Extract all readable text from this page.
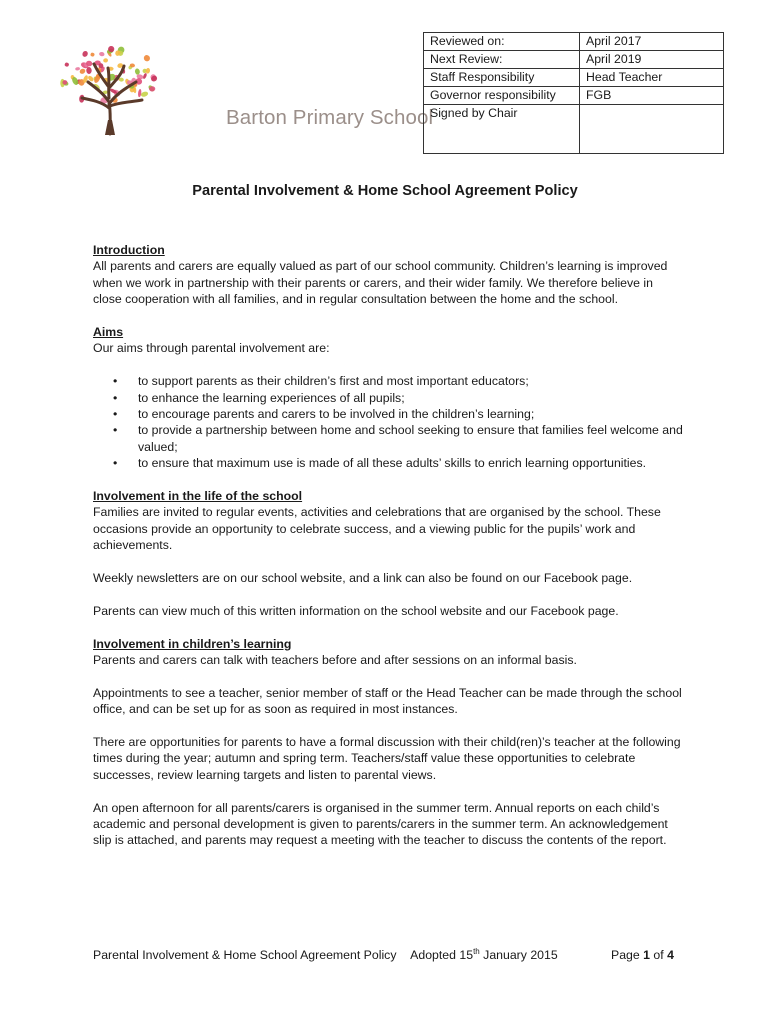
Barton Primary School
Reviewed on:	April 2017
Next Review:	April 2019
Staff Responsibility	Head Teacher
Governor responsibility	FGB
Signed by Chair	
Parental Involvement & Home School Agreement Policy

Introduction

All parents and carers are equally valued as part of our school community. Children’s learning is improved when we work in partnership with their parents or carers, and their wider family. We therefore believe in close cooperation with all families, and in regular consultation between the home and the school.

Aims

Our aims through parental involvement are:

• to support parents as their children’s first and most important educators;
• to enhance the learning experiences of all pupils;
• to encourage parents and carers to be involved in the children’s learning;
• to provide a partnership between home and school seeking to ensure that families feel welcome and valued;
• to ensure that maximum use is made of all these adults’ skills to enrich learning opportunities.

Involvement in the life of the school

Families are invited to regular events, activities and celebrations that are organised by the school. These occasions provide an opportunity to celebrate success, and a viewing public for the pupils’ work and achievements.

Weekly newsletters are on our school website, and a link can also be found on our Facebook page.

Parents can view much of this written information on the school website and our Facebook page.

Involvement in children’s learning

Parents and carers can talk with teachers before and after sessions on an informal basis.

Appointments to see a teacher, senior member of staff or the Head Teacher can be made through the school office, and can be set up for as soon as required in most instances.

There are opportunities for parents to have a formal discussion with their child(ren)’s teacher at the following times during the year; autumn and spring term. Teachers/staff value these opportunities to celebrate successes, review learning targets and listen to parental views.

An open afternoon for all parents/carers is organised in the summer term. Annual reports on each child’s academic and personal development is given to parents/carers in the summer term. An acknowledgement slip is attached, and parents may request a meeting with the teacher to discuss the contents of the report.

Parental Involvement & Home School Agreement Policy Adopted 15th January 2015	Page 1 of 4
